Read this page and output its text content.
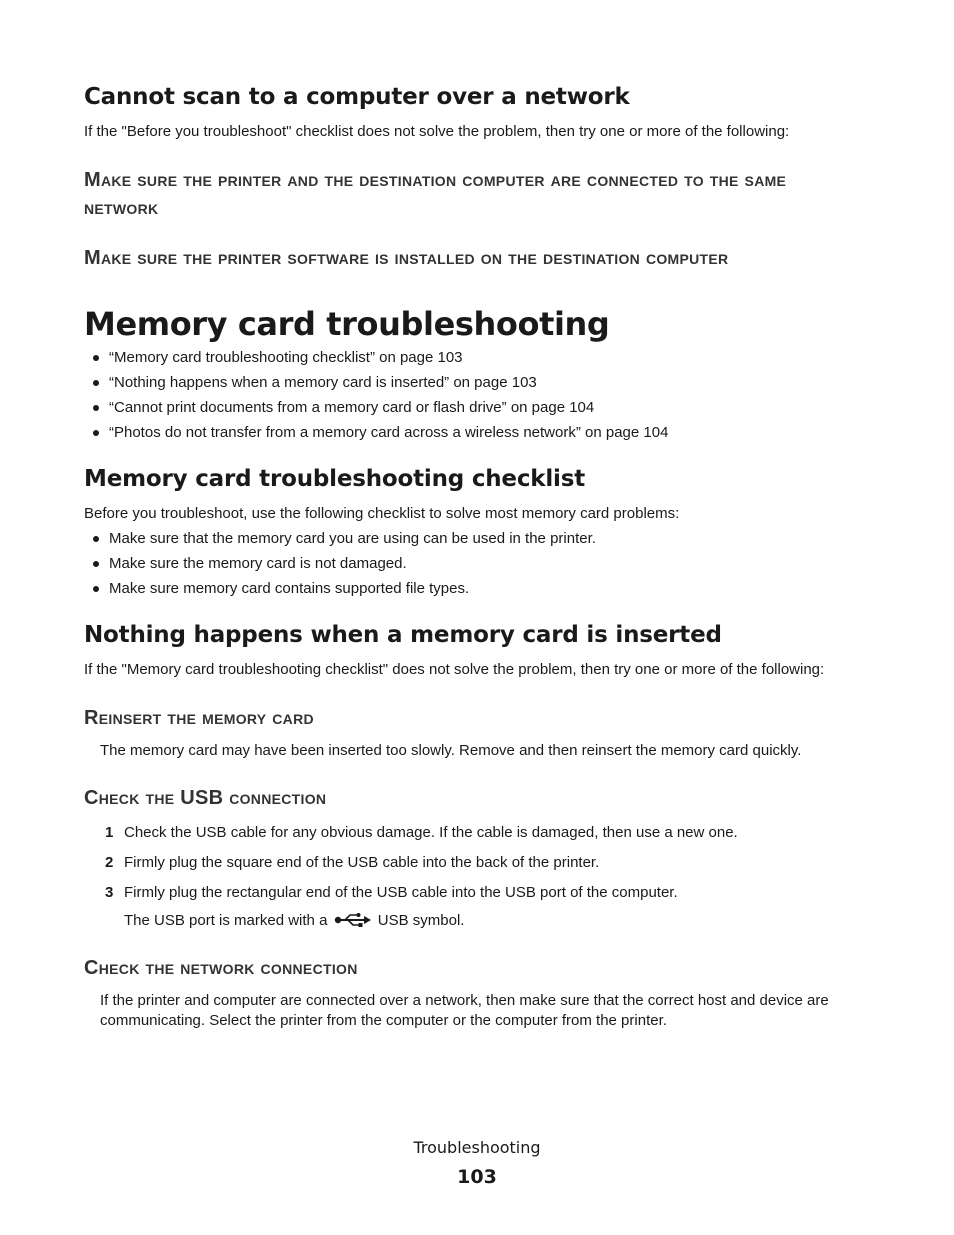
Cannot scan to a computer over a network

If the "Before you troubleshoot" checklist does not solve the problem, then try one or more of the following:

Make sure the printer and the destination computer are connected to the same network
Make sure the printer software is installed on the destination computer
Memory card troubleshooting
“Memory card troubleshooting checklist” on page 103
“Nothing happens when a memory card is inserted” on page 103
“Cannot print documents from a memory card or flash drive” on page 104
“Photos do not transfer from a memory card across a wireless network” on page 104
Memory card troubleshooting checklist

Before you troubleshoot, use the following checklist to solve most memory card problems:

Make sure that the memory card you are using can be used in the printer.
Make sure the memory card is not damaged.
Make sure memory card contains supported file types.
Nothing happens when a memory card is inserted

If the "Memory card troubleshooting checklist" does not solve the problem, then try one or more of the following:

Reinsert the memory card

The memory card may have been inserted too slowly. Remove and then reinsert the memory card quickly.

Check the USB connection
1 Check the USB cable for any obvious damage. If the cable is damaged, then use a new one.
2 Firmly plug the square end of the USB cable into the back of the printer.
3 Firmly plug the rectangular end of the USB cable into the USB port of the computer.

The USB port is marked with a	USB symbol.

Check the network connection

If the printer and computer are connected over a network, then make sure that the correct host and device are communicating. Select the printer from the computer or the computer from the printer.

Troubleshooting
103
